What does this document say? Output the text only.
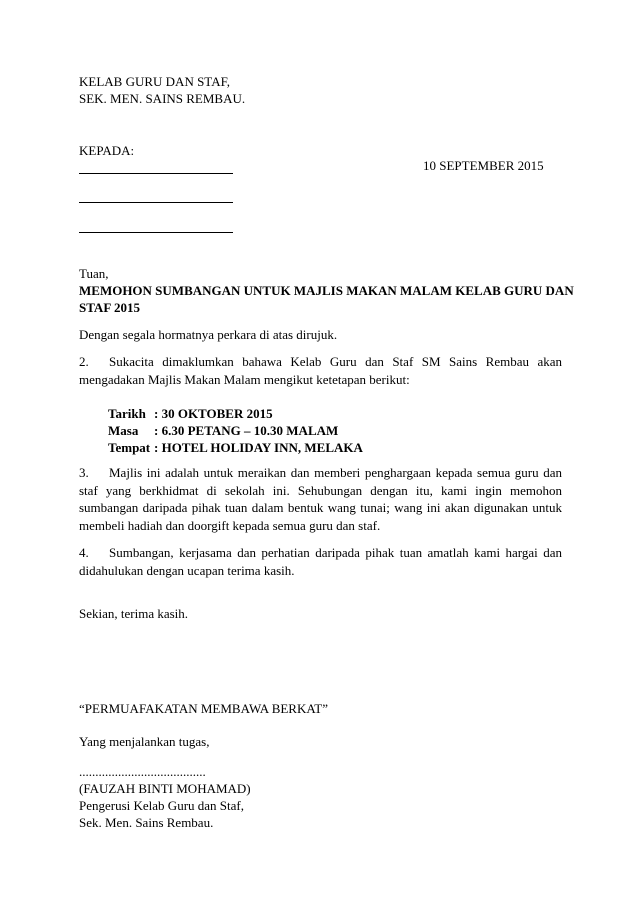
KELAB GURU DAN STAF,
SEK. MEN. SAINS REMBAU.
KEPADA:
10 SEPTEMBER 2015
Tuan,
MEMOHON SUMBANGAN UNTUK MAJLIS MAKAN MALAM KELAB GURU DAN
STAF 2015
Dengan segala hormatnya perkara di atas dirujuk.
2. Sukacita dimaklumkan bahawa Kelab Guru dan Staf SM Sains Rembau akan mengadakan Majlis Makan Malam mengikut ketetapan berikut:
Tarikh : 30 OKTOBER 2015
Masa : 6.30 PETANG – 10.30 MALAM
Tempat : HOTEL HOLIDAY INN, MELAKA
3. Majlis ini adalah untuk meraikan dan memberi penghargaan kepada semua guru dan staf yang berkhidmat di sekolah ini. Sehubungan dengan itu, kami ingin memohon sumbangan daripada pihak tuan dalam bentuk wang tunai; wang ini akan digunakan untuk membeli hadiah dan doorgift kepada semua guru dan staf.
4. Sumbangan, kerjasama dan perhatian daripada pihak tuan amatlah kami hargai dan didahulukan dengan ucapan terima kasih.
Sekian, terima kasih.
“PERMUAFAKATAN MEMBAWA BERKAT”
Yang menjalankan tugas,
.......................................
(FAUZAH BINTI MOHAMAD)
Pengerusi Kelab Guru dan Staf,
Sek. Men. Sains Rembau.
